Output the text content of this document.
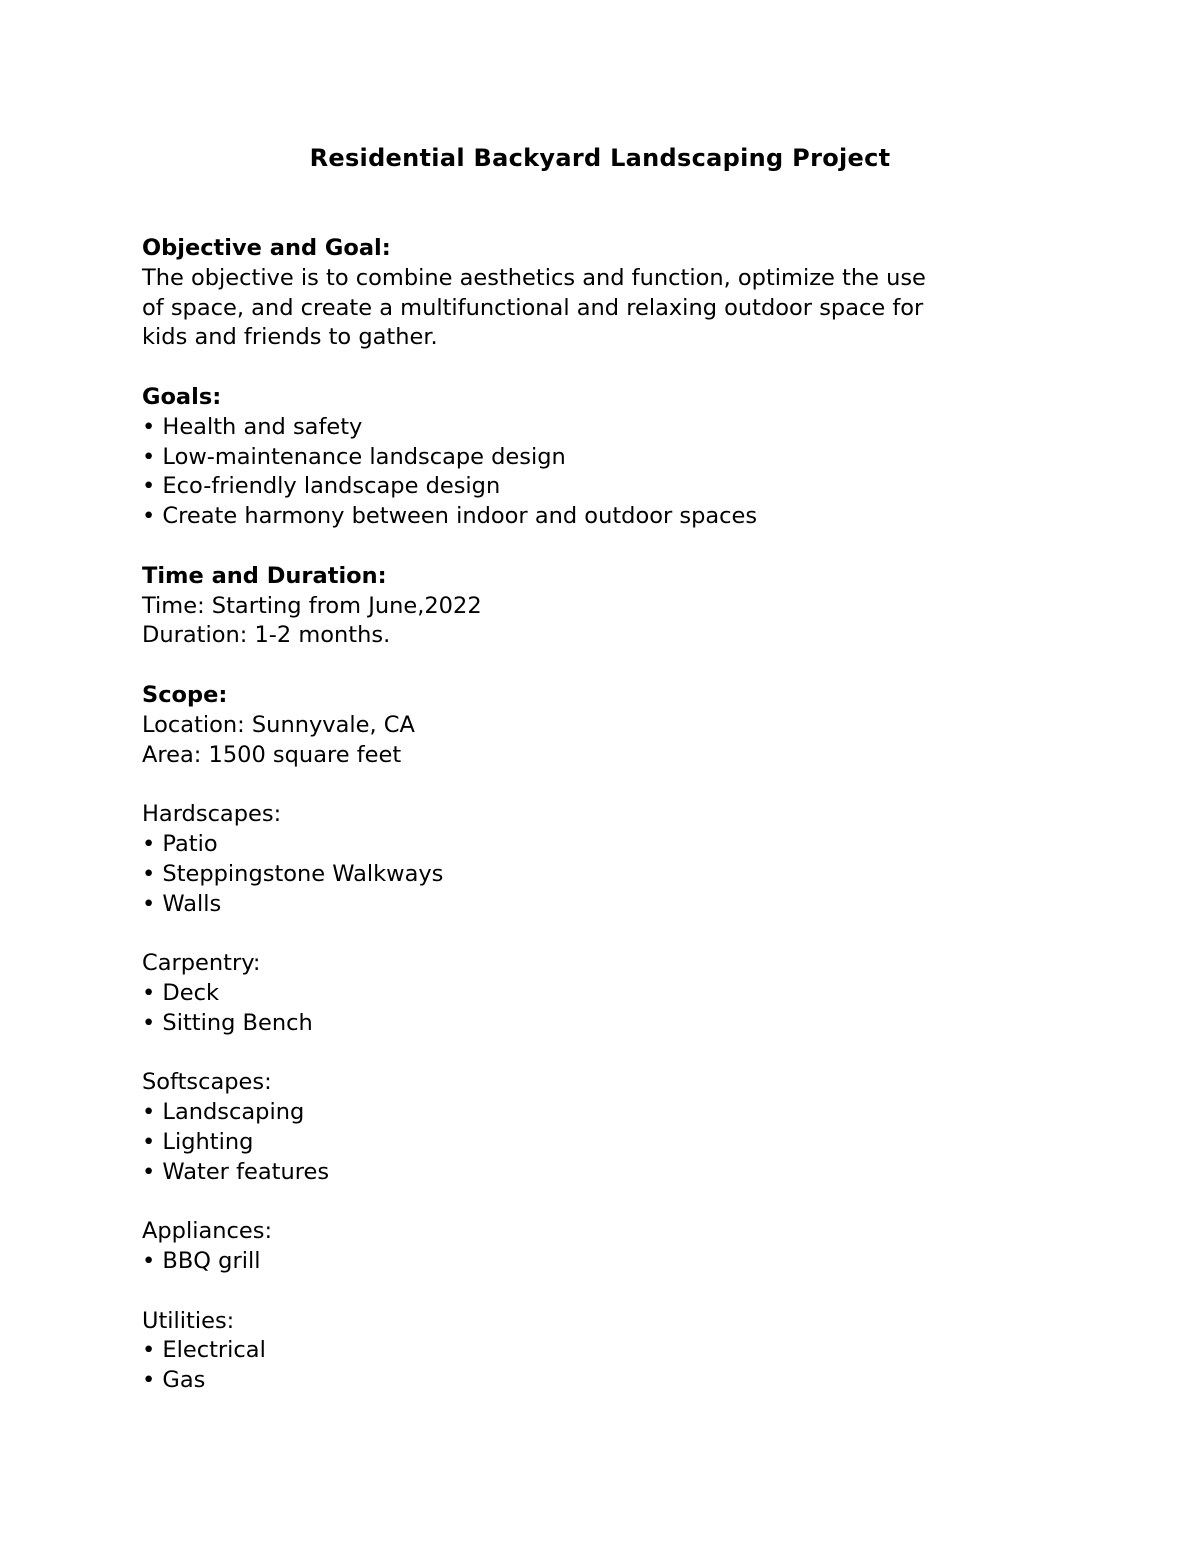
Residential Backyard Landscaping Project
Objective and Goal:
The objective is to combine aesthetics and function, optimize the use
of space, and create a multifunctional and relaxing outdoor space for
kids and friends to gather.
Goals:
• Health and safety
• Low-maintenance landscape design
• Eco-friendly landscape design
• Create harmony between indoor and outdoor spaces
Time and Duration:
Time: Starting from June,2022
Duration: 1-2 months.
Scope:
Location: Sunnyvale, CA
Area: 1500 square feet
Hardscapes:
• Patio
• Steppingstone Walkways
• Walls
Carpentry:
• Deck
• Sitting Bench
Softscapes:
• Landscaping
• Lighting
• Water features
Appliances:
• BBQ grill
Utilities:
• Electrical
• Gas
